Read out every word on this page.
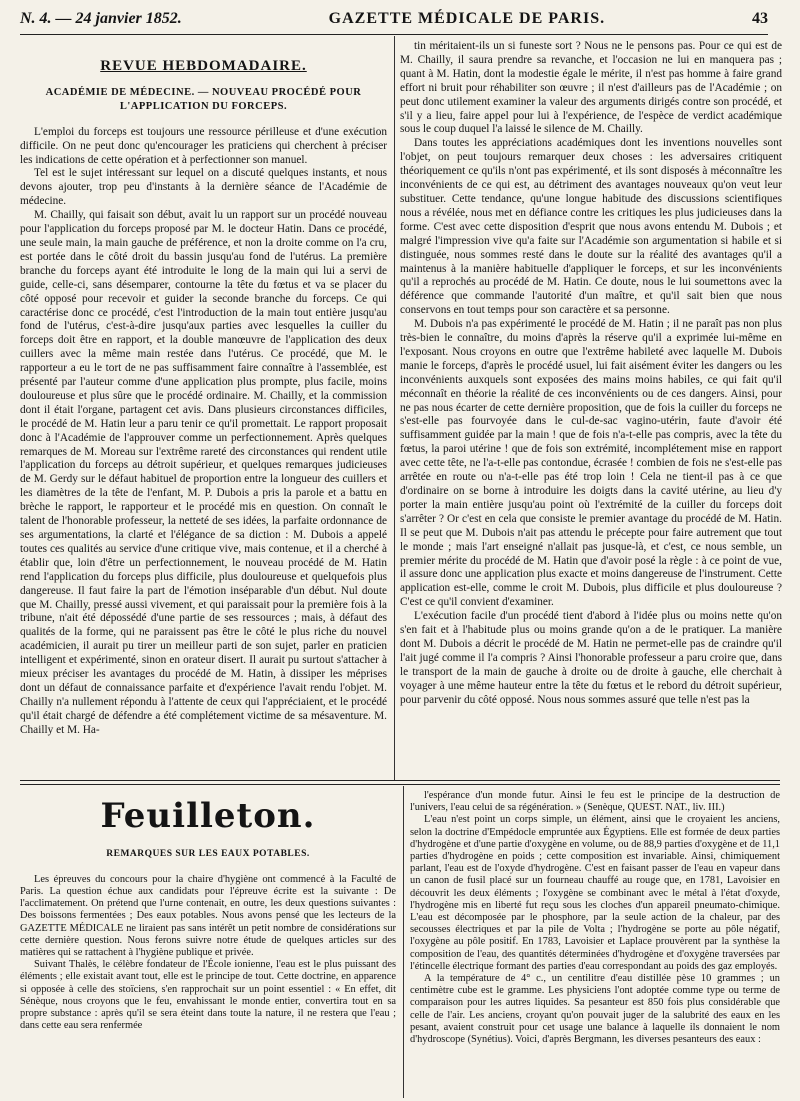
N. 4. — 24 janvier 1852.	GAZETTE MÉDICALE DE PARIS.	43
REVUE HEBDOMADAIRE.
ACADÉMIE DE MÉDECINE. — NOUVEAU PROCÉDÉ POUR L'APPLICATION DU FORCEPS.

L'emploi du forceps est toujours une ressource périlleuse et d'une exécution difficile. On ne peut donc qu'encourager les praticiens qui cherchent à préciser les indications de cette opération et à perfectionner son manuel.

Tel est le sujet intéressant sur lequel on a discuté quelques instants, et nous devons ajouter, trop peu d'instants à la dernière séance de l'Académie de médecine.

M. Chailly, qui faisait son début, avait lu un rapport sur un procédé nouveau pour l'application du forceps proposé par M. le docteur Hatin. Dans ce procédé, une seule main, la main gauche de préférence, et non la droite comme on l'a cru, est portée dans le côté droit du bassin jusqu'au fond de l'utérus. La première branche du forceps ayant été introduite le long de la main qui lui a servi de guide, celle-ci, sans désemparer, contourne la tête du fœtus et va se placer du côté opposé pour recevoir et guider la seconde branche du forceps. Ce qui caractérise donc ce procédé, c'est l'introduction de la main tout entière jusqu'au fond de l'utérus, c'est-à-dire jusqu'aux parties avec lesquelles la cuiller du forceps doit être en rapport, et la double manœuvre de l'application des deux cuillers avec la même main restée dans l'utérus. Ce procédé, que M. le rapporteur a eu le tort de ne pas suffisamment faire connaître à l'assemblée, est présenté par l'auteur comme d'une application plus prompte, plus facile, moins douloureuse et plus sûre que le procédé ordinaire. M. Chailly, et la commission dont il était l'organe, partagent cet avis. Dans plusieurs circonstances difficiles, le procédé de M. Hatin leur a paru tenir ce qu'il promettait. Le rapport proposait donc à l'Académie de l'approuver comme un perfectionnement. Après quelques remarques de M. Moreau sur l'extrême rareté des circonstances qui rendent utile l'application du forceps au détroit supérieur, et quelques remarques judicieuses de M. Gerdy sur le défaut habituel de proportion entre la longueur des cuillers et les diamètres de la tête de l'enfant, M. P. Dubois a pris la parole et a battu en brèche le rapport, le rapporteur et le procédé mis en question. On connaît le talent de l'honorable professeur, la netteté de ses idées, la parfaite ordonnance de ses argumentations, la clarté et l'élégance de sa diction : M. Dubois a appelé toutes ces qualités au service d'une critique vive, mais contenue, et il a cherché à établir que, loin d'être un perfectionnement, le nouveau procédé de M. Hatin rend l'application du forceps plus difficile, plus douloureuse et quelquefois plus dangereuse. Il faut faire la part de l'émotion inséparable d'un début. Nul doute que M. Chailly, pressé aussi vivement, et qui paraissait pour la première fois à la tribune, n'ait été dépossédé d'une partie de ses ressources ; mais, à défaut des qualités de la forme, qui ne paraissent pas être le côté le plus riche du nouvel académicien, il aurait pu tirer un meilleur parti de son sujet, parler en praticien intelligent et expérimenté, sinon en orateur disert. Il aurait pu surtout s'attacher à mieux préciser les avantages du procédé de M. Hatin, à dissiper les méprises dont un défaut de connaissance parfaite et d'expérience l'avait rendu l'objet. M. Chailly n'a nullement répondu à l'attente de ceux qui l'appréciaient, et le procédé qu'il était chargé de défendre a été complétement victime de sa mésaventure. M. Chailly et M. Ha-

tin méritaient-ils un si funeste sort ? Nous ne le pensons pas. Pour ce qui est de M. Chailly, il saura prendre sa revanche, et l'occasion ne lui en manquera pas ; quant à M. Hatin, dont la modestie égale le mérite, il n'est pas homme à faire grand effort ni bruit pour réhabiliter son œuvre ; il n'est d'ailleurs pas de l'Académie ; on peut donc utilement examiner la valeur des arguments dirigés contre son procédé, et s'il y a lieu, faire appel pour lui à l'expérience, de l'espèce de verdict académique sous le coup duquel l'a laissé le silence de M. Chailly.

Dans toutes les appréciations académiques dont les inventions nouvelles sont l'objet, on peut toujours remarquer deux choses : les adversaires critiquent théoriquement ce qu'ils n'ont pas expérimenté, et ils sont disposés à méconnaître les inconvénients de ce qui est, au détriment des avantages nouveaux qu'on veut leur substituer. Cette tendance, qu'une longue habitude des discussions scientifiques nous a révélée, nous met en défiance contre les critiques les plus judicieuses dans la forme. C'est avec cette disposition d'esprit que nous avons entendu M. Dubois ; et malgré l'impression vive qu'a faite sur l'Académie son argumentation si habile et si distinguée, nous sommes resté dans le doute sur la réalité des avantages qu'il a maintenus à la manière habituelle d'appliquer le forceps, et sur les inconvénients qu'il a reprochés au procédé de M. Hatin. Ce doute, nous le lui soumettons avec la déférence que commande l'autorité d'un maître, et qu'il sait bien que nous conservons en tout temps pour son caractère et sa personne.

M. Dubois n'a pas expérimenté le procédé de M. Hatin ; il ne paraît pas non plus très-bien le connaître, du moins d'après la réserve qu'il a exprimée lui-même en l'exposant. Nous croyons en outre que l'extrême habileté avec laquelle M. Dubois manie le forceps, d'après le procédé usuel, lui fait aisément éviter les dangers ou les inconvénients auxquels sont exposées des mains moins habiles, ce qui fait qu'il méconnaît en théorie la réalité de ces inconvénients ou de ces dangers. Ainsi, pour ne pas nous écarter de cette dernière proposition, que de fois la cuiller du forceps ne s'est-elle pas fourvoyée dans le cul-de-sac vagino-utérin, faute d'avoir été suffisamment guidée par la main ! que de fois n'a-t-elle pas compris, avec la tête du fœtus, la paroi utérine ! que de fois son extrémité, incomplétement mise en rapport avec cette tête, ne l'a-t-elle pas contondue, écrasée ! combien de fois ne s'est-elle pas arrêtée en route ou n'a-t-elle pas été trop loin ! Cela ne tient-il pas à ce que d'ordinaire on se borne à introduire les doigts dans la cavité utérine, au lieu d'y porter la main entière jusqu'au point où l'extrémité de la cuiller du forceps doit s'arrêter ? Or c'est en cela que consiste le premier avantage du procédé de M. Hatin. Il se peut que M. Dubois n'ait pas attendu le précepte pour faire autrement que tout le monde ; mais l'art enseigné n'allait pas jusque-là, et c'est, ce nous semble, un premier mérite du procédé de M. Hatin que d'avoir posé la règle : à ce point de vue, il assure donc une application plus exacte et moins dangereuse de l'instrument. Cette application est-elle, comme le croit M. Dubois, plus difficile et plus douloureuse ? C'est ce qu'il convient d'examiner.

L'exécution facile d'un procédé tient d'abord à l'idée plus ou moins nette qu'on s'en fait et à l'habitude plus ou moins grande qu'on a de le pratiquer. La manière dont M. Dubois a décrit le procédé de M. Hatin ne permet-elle pas de craindre qu'il l'ait jugé comme il l'a compris ? Ainsi l'honorable professeur a paru croire que, dans le transport de la main de gauche à droite ou de droite à gauche, elle cherchait à voyager à une même hauteur entre la tête du fœtus et le rebord du détroit supérieur, pour parvenir du côté opposé. Nous nous sommes assuré que telle n'est pas la

Feuilleton.
REMARQUES SUR LES EAUX POTABLES.

Les épreuves du concours pour la chaire d'hygiène ont commencé à la Faculté de Paris. La question échue aux candidats pour l'épreuve écrite est la suivante : De l'acclimatement. On prétend que l'urne contenait, en outre, les deux questions suivantes : Des boissons fermentées ; Des eaux potables. Nous avons pensé que les lecteurs de la GAZETTE MÉDICALE ne liraient pas sans intérêt un petit nombre de considérations sur cette dernière question. Nous ferons suivre notre étude de quelques articles sur des matières qui se rattachent à l'hygiène publique et privée.

Suivant Thalès, le célèbre fondateur de l'École ionienne, l'eau est le plus puissant des éléments ; elle existait avant tout, elle est le principe de tout. Cette doctrine, en apparence si opposée à celle des stoïciens, s'en rapprochait sur un point essentiel : « En effet, dit Sénèque, nous croyons que le feu, envahissant le monde entier, convertira tout en sa propre substance : après qu'il se sera éteint dans toute la nature, il ne restera que l'eau ; dans cette eau sera renfermée

l'espérance d'un monde futur. Ainsi le feu est le principe de la destruction de l'univers, l'eau celui de sa régénération. » (Senèque, QUEST. NAT., liv. III.)

L'eau n'est point un corps simple, un élément, ainsi que le croyaient les anciens, selon la doctrine d'Empédocle empruntée aux Égyptiens. Elle est formée de deux parties d'hydrogène et d'une partie d'oxygène en volume, ou de 88,9 parties d'oxygène et de 11,1 parties d'hydrogène en poids ; cette composition est invariable. Ainsi, chimiquement parlant, l'eau est de l'oxyde d'hydrogène. C'est en faisant passer de l'eau en vapeur dans un canon de fusil placé sur un fourneau chauffé au rouge que, en 1781, Lavoisier en découvrit les deux éléments ; l'oxygène se combinant avec le métal à l'état d'oxyde, l'hydrogène mis en liberté fut reçu sous les cloches d'un appareil pneumato-chimique. L'eau est décomposée par le phosphore, par la seule action de la chaleur, par des secousses électriques et par la pile de Volta ; l'hydrogène se porte au pôle négatif, l'oxygène au pôle positif. En 1783, Lavoisier et Laplace prouvèrent par la synthèse la composition de l'eau, des quantités déterminées d'hydrogène et d'oxygène traversées par l'étincelle électrique formant des parties d'eau correspondant au poids des gaz employés.

A la température de 4° c., un centilitre d'eau distillée pèse 10 grammes ; un centimètre cube est le gramme. Les physiciens l'ont adoptée comme type ou terme de comparaison pour les autres liquides. Sa pesanteur est 850 fois plus considérable que celle de l'air. Les anciens, croyant qu'on pouvait juger de la salubrité des eaux en les pesant, avaient construit pour cet usage une balance à laquelle ils donnaient le nom d'hydroscope (Synétius). Voici, d'après Bergmann, les diverses pesanteurs des eaux :
